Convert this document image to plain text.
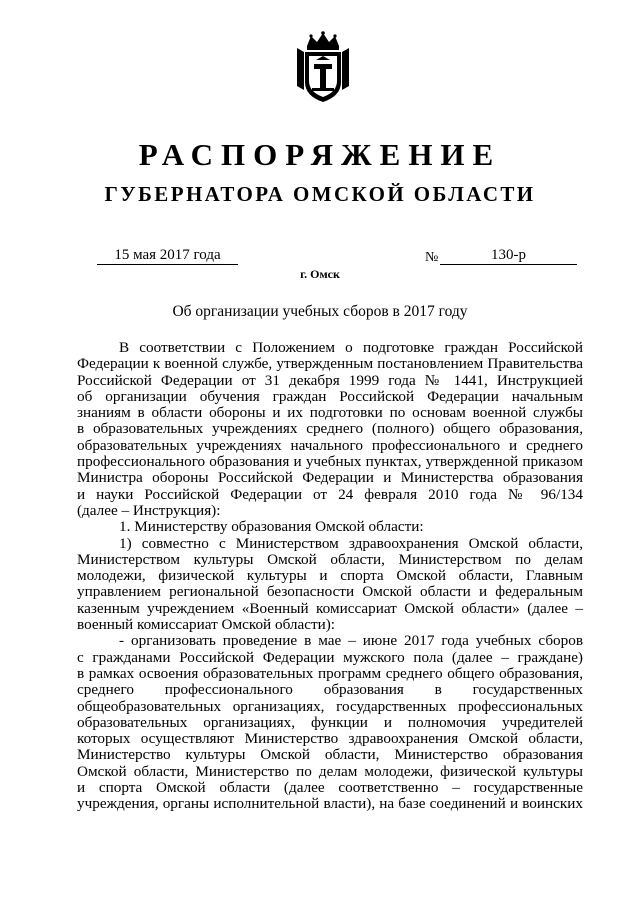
РАСПОРЯЖЕНИЕ
ГУБЕРНАТОРА ОМСКОЙ ОБЛАСТИ
15 мая 2017 года	№	130-р
г. Омск
Об организации учебных сборов в 2017 году

В соответствии с Положением о подготовке граждан Российской

Федерации к военной службе, утвержденным постановлением Правительства

Российской Федерации от 31 декабря 1999 года № 1441, Инструкцией

об организации обучения граждан Российской Федерации начальным

знаниям в области обороны и их подготовки по основам военной службы

в образовательных учреждениях среднего (полного) общего образования,

образовательных учреждениях начального профессионального и среднего

профессионального образования и учебных пунктах, утвержденной приказом

Министра обороны Российской Федерации и Министерства образования

и науки Российской Федерации от 24 февраля 2010 года № 96/134

(далее – Инструкция):

1. Министерству образования Омской области:

1) совместно с Министерством здравоохранения Омской области,

Министерством культуры Омской области, Министерством по делам

молодежи, физической культуры и спорта Омской области, Главным

управлением региональной безопасности Омской области и федеральным

казенным учреждением «Военный комиссариат Омской области» (далее –

военный комиссариат Омской области):

- организовать проведение в мае – июне 2017 года учебных сборов

с гражданами Российской Федерации мужского пола (далее – граждане)

в рамках освоения образовательных программ среднего общего образования,

среднего профессионального образования в государственных

общеобразовательных организациях, государственных профессиональных

образовательных организациях, функции и полномочия учредителей

которых осуществляют Министерство здравоохранения Омской области,

Министерство культуры Омской области, Министерство образования

Омской области, Министерство по делам молодежи, физической культуры

и спорта Омской области (далее соответственно – государственные

учреждения, органы исполнительной власти), на базе соединений и воинских
